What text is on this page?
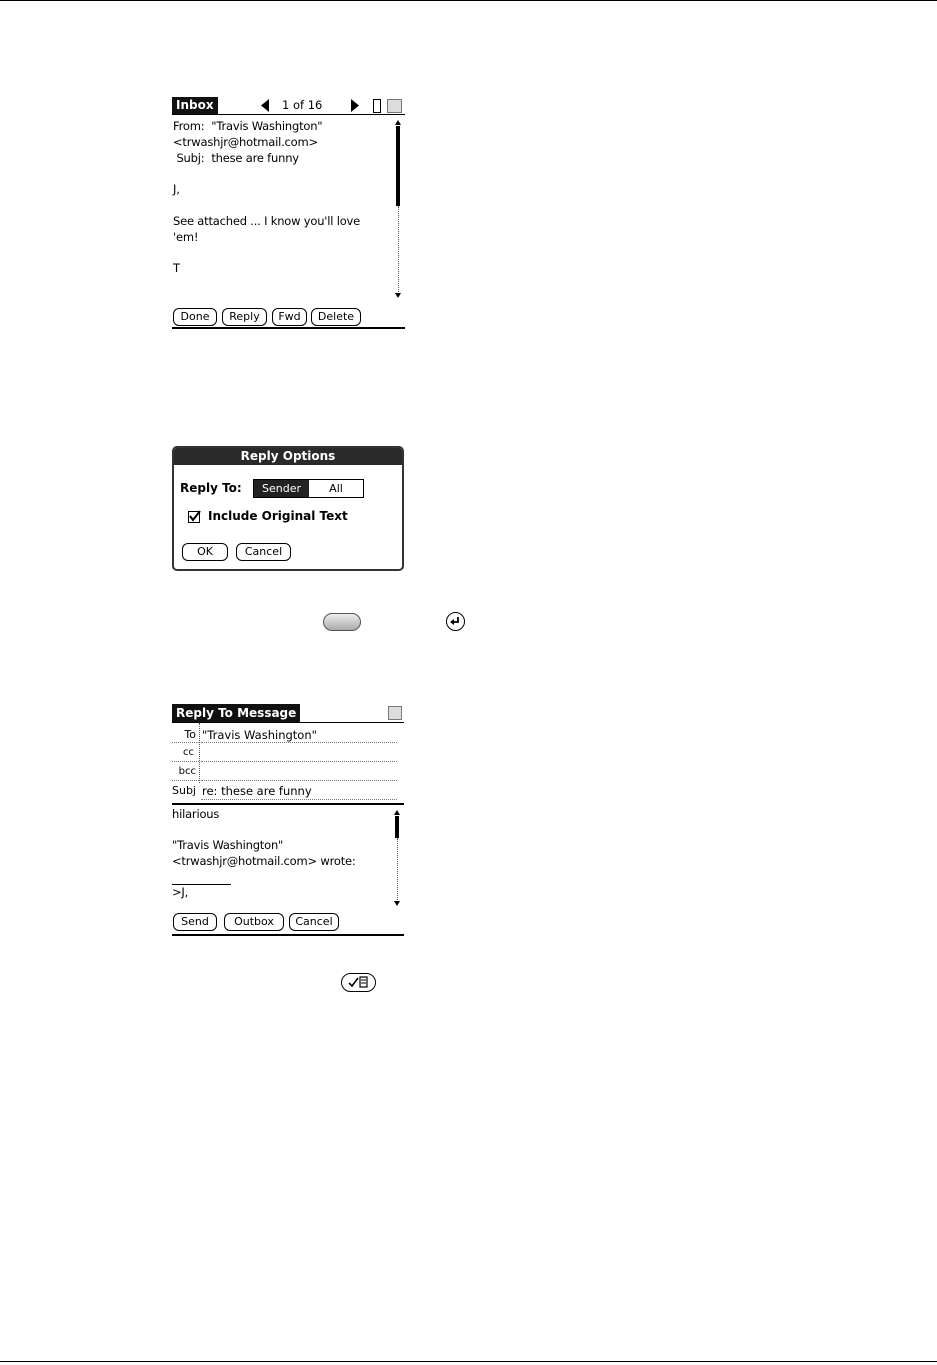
Inbox	1 of 16
From:  "Travis Washington"
<trwashjr@hotmail.com>
Subj:  these are funny

J,

See attached ... I know you'll love
'em!

T
Done	Reply	Fwd	Delete
Reply Options
Reply To:	Sender	All
Include Original Text
OK	Cancel
Reply To Message
To "Travis Washington"
cc
bcc
Subj re: these are funny
hilarious

"Travis Washington"
<trwashjr@hotmail.com> wrote:

>J,
Send	Outbox	Cancel
